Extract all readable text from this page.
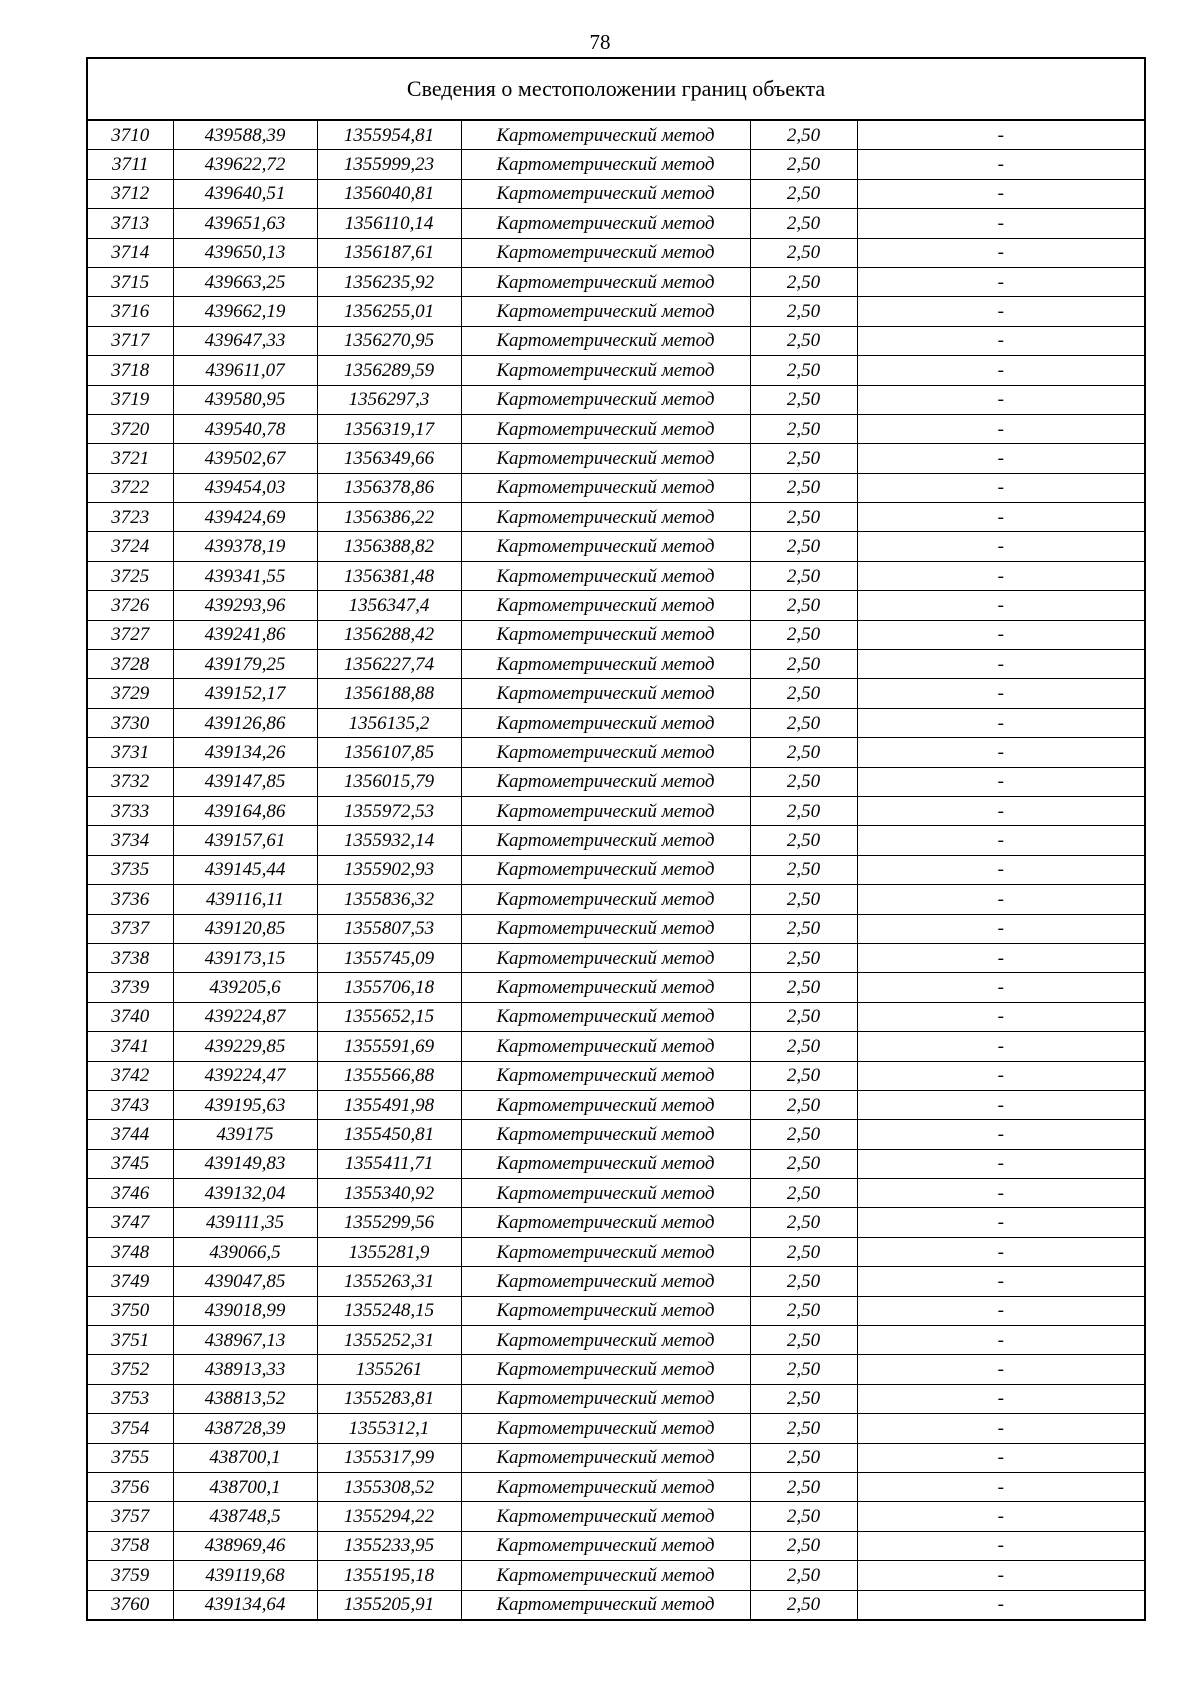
78
Сведения о местоположении границ объекта
3710	439588,39	1355954,81	Картометрический метод	2,50	-
3711	439622,72	1355999,23	Картометрический метод	2,50	-
3712	439640,51	1356040,81	Картометрический метод	2,50	-
3713	439651,63	1356110,14	Картометрический метод	2,50	-
3714	439650,13	1356187,61	Картометрический метод	2,50	-
3715	439663,25	1356235,92	Картометрический метод	2,50	-
3716	439662,19	1356255,01	Картометрический метод	2,50	-
3717	439647,33	1356270,95	Картометрический метод	2,50	-
3718	439611,07	1356289,59	Картометрический метод	2,50	-
3719	439580,95	1356297,3	Картометрический метод	2,50	-
3720	439540,78	1356319,17	Картометрический метод	2,50	-
3721	439502,67	1356349,66	Картометрический метод	2,50	-
3722	439454,03	1356378,86	Картометрический метод	2,50	-
3723	439424,69	1356386,22	Картометрический метод	2,50	-
3724	439378,19	1356388,82	Картометрический метод	2,50	-
3725	439341,55	1356381,48	Картометрический метод	2,50	-
3726	439293,96	1356347,4	Картометрический метод	2,50	-
3727	439241,86	1356288,42	Картометрический метод	2,50	-
3728	439179,25	1356227,74	Картометрический метод	2,50	-
3729	439152,17	1356188,88	Картометрический метод	2,50	-
3730	439126,86	1356135,2	Картометрический метод	2,50	-
3731	439134,26	1356107,85	Картометрический метод	2,50	-
3732	439147,85	1356015,79	Картометрический метод	2,50	-
3733	439164,86	1355972,53	Картометрический метод	2,50	-
3734	439157,61	1355932,14	Картометрический метод	2,50	-
3735	439145,44	1355902,93	Картометрический метод	2,50	-
3736	439116,11	1355836,32	Картометрический метод	2,50	-
3737	439120,85	1355807,53	Картометрический метод	2,50	-
3738	439173,15	1355745,09	Картометрический метод	2,50	-
3739	439205,6	1355706,18	Картометрический метод	2,50	-
3740	439224,87	1355652,15	Картометрический метод	2,50	-
3741	439229,85	1355591,69	Картометрический метод	2,50	-
3742	439224,47	1355566,88	Картометрический метод	2,50	-
3743	439195,63	1355491,98	Картометрический метод	2,50	-
3744	439175	1355450,81	Картометрический метод	2,50	-
3745	439149,83	1355411,71	Картометрический метод	2,50	-
3746	439132,04	1355340,92	Картометрический метод	2,50	-
3747	439111,35	1355299,56	Картометрический метод	2,50	-
3748	439066,5	1355281,9	Картометрический метод	2,50	-
3749	439047,85	1355263,31	Картометрический метод	2,50	-
3750	439018,99	1355248,15	Картометрический метод	2,50	-
3751	438967,13	1355252,31	Картометрический метод	2,50	-
3752	438913,33	1355261	Картометрический метод	2,50	-
3753	438813,52	1355283,81	Картометрический метод	2,50	-
3754	438728,39	1355312,1	Картометрический метод	2,50	-
3755	438700,1	1355317,99	Картометрический метод	2,50	-
3756	438700,1	1355308,52	Картометрический метод	2,50	-
3757	438748,5	1355294,22	Картометрический метод	2,50	-
3758	438969,46	1355233,95	Картометрический метод	2,50	-
3759	439119,68	1355195,18	Картометрический метод	2,50	-
3760	439134,64	1355205,91	Картометрический метод	2,50	-
